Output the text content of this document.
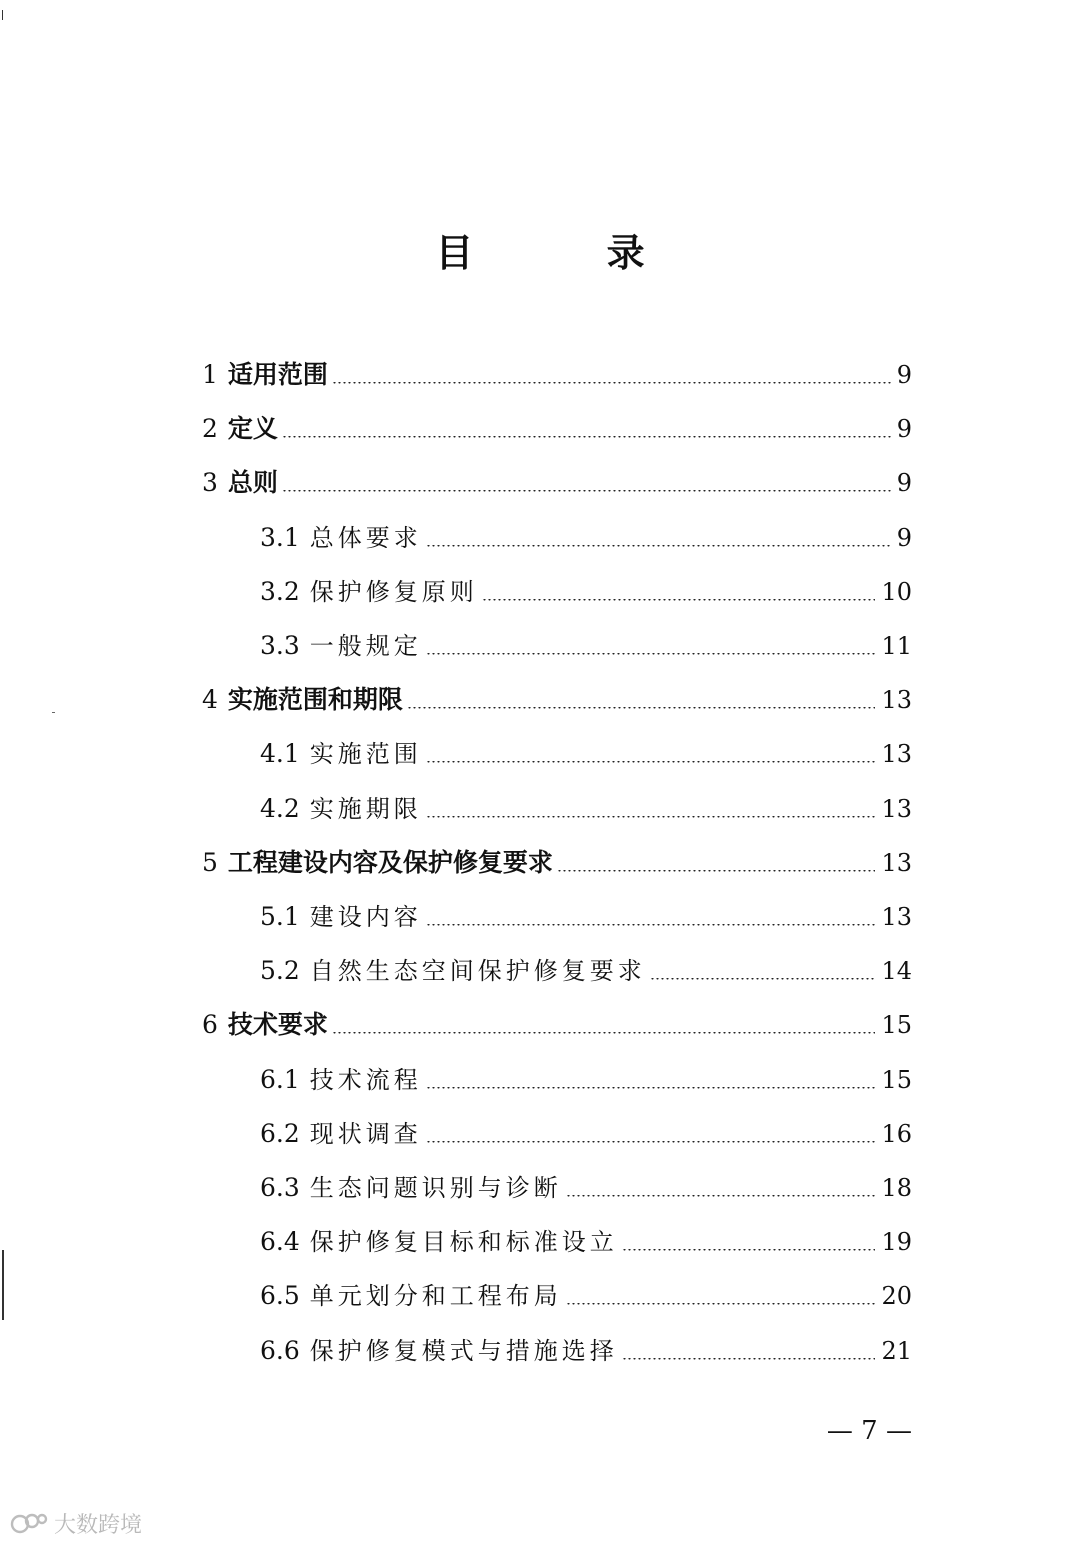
目 录
1 适用范围	9
2 定义	9
3 总则	9
3.1 总体要求	9
3.2 保护修复原则	10
3.3 一般规定	11
4 实施范围和期限	13
4.1 实施范围	13
4.2 实施期限	13
5 工程建设内容及保护修复要求	13
5.1 建设内容	13
5.2 自然生态空间保护修复要求	14
6 技术要求	15
6.1 技术流程	15
6.2 现状调查	16
6.3 生态问题识别与诊断	18
6.4 保护修复目标和标准设立	19
6.5 单元划分和工程布局	20
6.6 保护修复模式与措施选择	21
— 7 —
大数跨境
